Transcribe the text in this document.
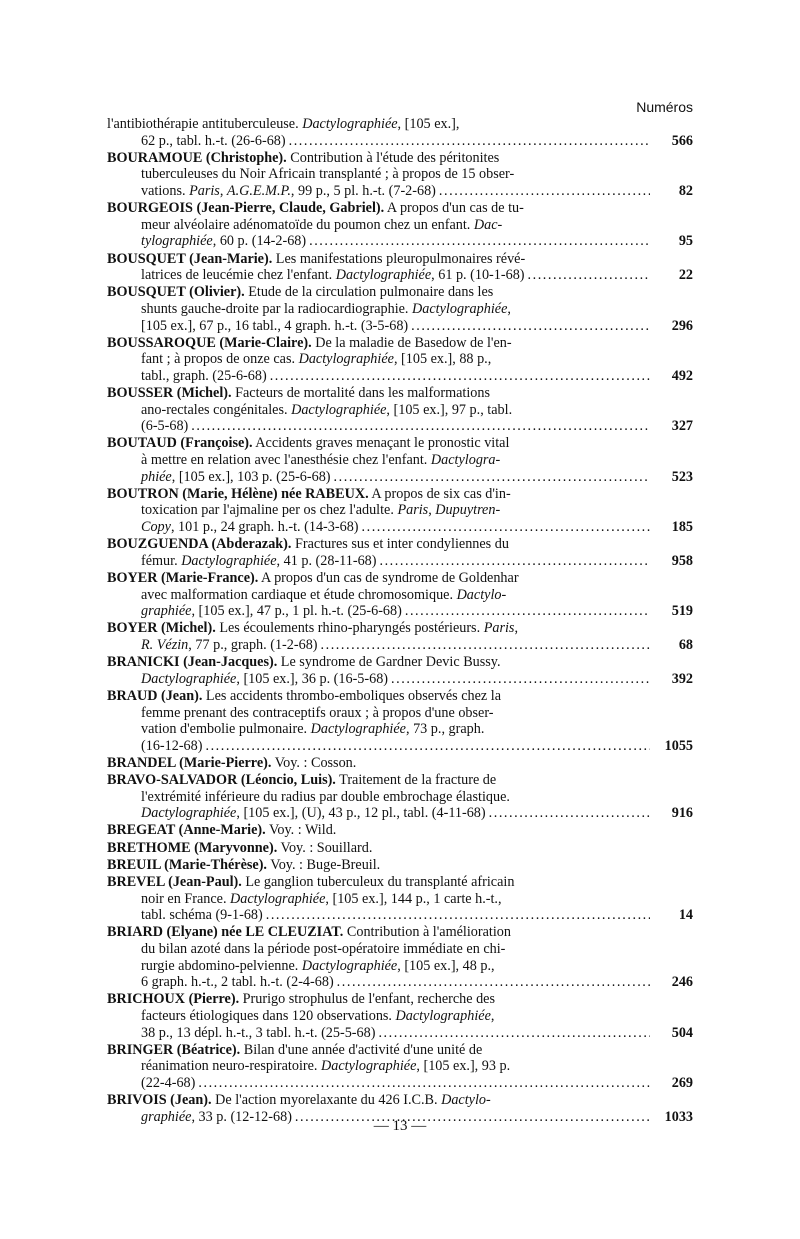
Numéros
l'antibiothérapie antituberculeuse. Dactylographiée, [105 ex.],
62 p., tabl. h.-t. (26-6-68) . . .	566
BOURAMOUE (Christophe). Contribution à l'étude des péritonites
tuberculeuses du Noir Africain transplanté ; à propos de 15 obser-
vations. Paris, A.G.E.M.P., 99 p., 5 pl. h.-t. (7-2-68) . . .	82
BOURGEOIS (Jean-Pierre, Claude, Gabriel). A propos d'un cas de tu-
meur alvéolaire adénomatoïde du poumon chez un enfant. Dac-
tylographiée, 60 p. (14-2-68) . . .	95
BOUSQUET (Jean-Marie). Les manifestations pleuropulmonaires révé-
latrices de leucémie chez l'enfant. Dactylographiée, 61 p. (10-1-68) . . .	22
BOUSQUET (Olivier). Etude de la circulation pulmonaire dans les
shunts gauche-droite par la radiocardiographie. Dactylographiée,
[105 ex.], 67 p., 16 tabl., 4 graph. h.-t. (3-5-68) . . .	296
BOUSSAROQUE (Marie-Claire). De la maladie de Basedow de l'en-
fant ; à propos de onze cas. Dactylographiée, [105 ex.], 88 p.,
tabl., graph. (25-6-68) . . .	492
BOUSSER (Michel). Facteurs de mortalité dans les malformations
ano-rectales congénitales. Dactylographiée, [105 ex.], 97 p., tabl.
(6-5-68) . . .	327
BOUTAUD (Françoise). Accidents graves menaçant le pronostic vital
à mettre en relation avec l'anesthésie chez l'enfant. Dactylogra-
phiée, [105 ex.], 103 p. (25-6-68) . . .	523
BOUTRON (Marie, Hélène) née RABEUX. A propos de six cas d'in-
toxication par l'ajmaline per os chez l'adulte. Paris, Dupuytren-
Copy, 101 p., 24 graph. h.-t. (14-3-68) . . .	185
BOUZGUENDA (Abderazak). Fractures sus et inter condyliennes du
fémur. Dactylographiée, 41 p. (28-11-68) . . .	958
BOYER (Marie-France). A propos d'un cas de syndrome de Goldenhar
avec malformation cardiaque et étude chromosomique. Dactylo-
graphiée, [105 ex.], 47 p., 1 pl. h.-t. (25-6-68) . . .	519
BOYER (Michel). Les écoulements rhino-pharyngés postérieurs. Paris,
R. Vézin, 77 p., graph. (1-2-68) . . .	68
BRANICKI (Jean-Jacques). Le syndrome de Gardner Devic Bussy.
Dactylographiée, [105 ex.], 36 p. (16-5-68) . . .	392
BRAUD (Jean). Les accidents thrombo-emboliques observés chez la
femme prenant des contraceptifs oraux ; à propos d'une obser-
vation d'embolie pulmonaire. Dactylographiée, 73 p., graph.
(16-12-68) . . .	1055
BRANDEL (Marie-Pierre). Voy. : Cosson.
BRAVO-SALVADOR (Léoncio, Luis). Traitement de la fracture de
l'extrémité inférieure du radius par double embrochage élastique.
Dactylographiée, [105 ex.], (U), 43 p., 12 pl., tabl. (4-11-68) . . .	916
BREGEAT (Anne-Marie). Voy. : Wild.
BRETHOME (Maryvonne). Voy. : Souillard.
BREUIL (Marie-Thérèse). Voy. : Buge-Breuil.
BREVEL (Jean-Paul). Le ganglion tuberculeux du transplanté africain
noir en France. Dactylographiée, [105 ex.], 144 p., 1 carte h.-t.,
tabl. schéma (9-1-68) . . .	14
BRIARD (Elyane) née LE CLEUZIAT. Contribution à l'amélioration
du bilan azoté dans la période post-opératoire immédiate en chi-
rurgie abdomino-pelvienne. Dactylographiée, [105 ex.], 48 p.,
6 graph. h.-t., 2 tabl. h.-t. (2-4-68) . . .	246
BRICHOUX (Pierre). Prurigo strophulus de l'enfant, recherche des
facteurs étiologiques dans 120 observations. Dactylographiée,
38 p., 13 dépl. h.-t., 3 tabl. h.-t. (25-5-68) . . .	504
BRINGER (Béatrice). Bilan d'une année d'activité d'une unité de
réanimation neuro-respiratoire. Dactylographiée, [105 ex.], 93 p.
(22-4-68) . . .	269
BRIVOIS (Jean). De l'action myorelaxante du 426 I.C.B. Dactylo-
graphiée, 33 p. (12-12-68) . . .	1033
— 13 —
